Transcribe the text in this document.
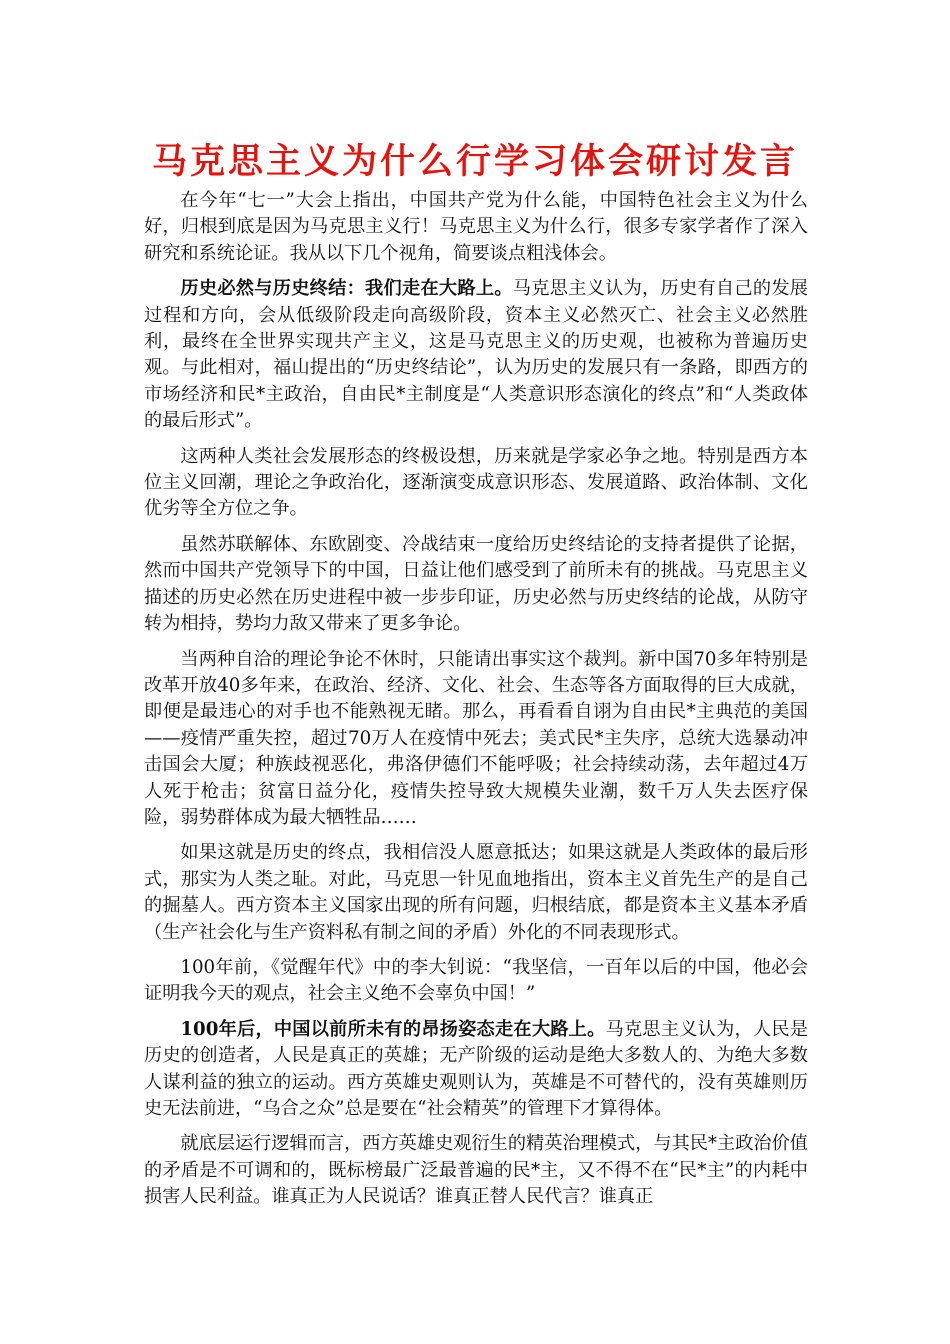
马克思主义为什么行学习体会研讨发言

在今年“七一”大会上指出，中国共产党为什么能，中国特色社会主义为什么好，归根到底是因为马克思主义行！马克思主义为什么行，很多专家学者作了深入研究和系统论证。我从以下几个视角，简要谈点粗浅体会。

历史必然与历史终结：我们走在大路上。马克思主义认为，历史有自己的发展过程和方向，会从低级阶段走向高级阶段，资本主义必然灭亡、社会主义必然胜利，最终在全世界实现共产主义，这是马克思主义的历史观，也被称为普遍历史观。与此相对，福山提出的“历史终结论”，认为历史的发展只有一条路，即西方的市场经济和民*主政治，自由民*主制度是“人类意识形态演化的终点”和“人类政体的最后形式”。

这两种人类社会发展形态的终极设想，历来就是学家必争之地。特别是西方本位主义回潮，理论之争政治化，逐渐演变成意识形态、发展道路、政治体制、文化优劣等全方位之争。

虽然苏联解体、东欧剧变、冷战结束一度给历史终结论的支持者提供了论据，然而中国共产党领导下的中国，日益让他们感受到了前所未有的挑战。马克思主义描述的历史必然在历史进程中被一步步印证，历史必然与历史终结的论战，从防守转为相持，势均力敌又带来了更多争论。

当两种自洽的理论争论不休时，只能请出事实这个裁判。新中国70多年特别是改革开放40多年来，在政治、经济、文化、社会、生态等各方面取得的巨大成就，即便是最违心的对手也不能熟视无睹。那么，再看看自诩为自由民*主典范的美国——疫情严重失控，超过70万人在疫情中死去；美式民*主失序，总统大选暴动冲击国会大厦；种族歧视恶化，弗洛伊德们不能呼吸；社会持续动荡，去年超过4万人死于枪击；贫富日益分化，疫情失控导致大规模失业潮，数千万人失去医疗保险，弱势群体成为最大牺牲品……

如果这就是历史的终点，我相信没人愿意抵达；如果这就是人类政体的最后形式，那实为人类之耻。对此，马克思一针见血地指出，资本主义首先生产的是自己的掘墓人。西方资本主义国家出现的所有问题，归根结底，都是资本主义基本矛盾（生产社会化与生产资料私有制之间的矛盾）外化的不同表现形式。

100年前，《觉醒年代》中的李大钊说：“我坚信，一百年以后的中国，他必会证明我今天的观点，社会主义绝不会辜负中国！”

100年后，中国以前所未有的昂扬姿态走在大路上。马克思主义认为，人民是历史的创造者，人民是真正的英雄；无产阶级的运动是绝大多数人的、为绝大多数人谋利益的独立的运动。西方英雄史观则认为，英雄是不可替代的，没有英雄则历史无法前进，“乌合之众”总是要在“社会精英”的管理下才算得体。

就底层运行逻辑而言，西方英雄史观衍生的精英治理模式，与其民*主政治价值的矛盾是不可调和的，既标榜最广泛最普遍的民*主，又不得不在“民*主”的内耗中损害人民利益。谁真正为人民说话？谁真正替人民代言？谁真正
